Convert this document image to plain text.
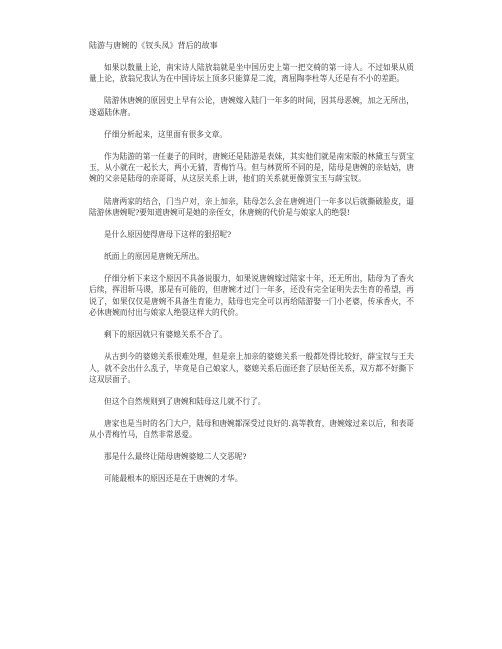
陆游与唐婉的《钗头凤》背后的故事

如果以数量上论，南宋诗人陆放翁就是坐中国历史上第一把交椅的第一诗人。不过如果从质量上论，放翁兄我认为在中国诗坛上顶多只能算是二流，离屈陶李杜等人还是有不小的差距。

陆游休唐婉的原因史上早有公论，唐婉嫁入陆门一年多的时间，因其母恶婉，加之无所出，遂逼陆休唐。

仔细分析起来，这里面有很多文章。

作为陆游的第一任妻子的同时，唐婉还是陆游是表妹，其实他们就是南宋版的林黛玉与贾宝玉，从小就在一起长大，两小无猜，青梅竹马。但与林贾所不同的是，陆母是唐婉的亲姑姑，唐婉的父亲是陆母的亲哥哥，从这层关系上讲，他们的关系就更像贾宝玉与薛宝钗。

陆唐两家的结合，门当户对，亲上加亲，陆母怎么会在唐婉进门一年多以后就撕破脸皮，逼陆游休唐婉呢?要知道唐婉可是她的亲侄女，休唐婉的代价是与娘家人的绝裂!

是什么原因使得唐母下这样的狠招呢?

纸面上的原因是唐婉无所出。

仔细分析下来这个原因不具备说服力，如果说唐婉嫁过陆家十年，还无所出，陆母为了香火后续，挥泪斩马谡，那是有可能的，但唐婉才过门一年多，还没有完全证明失去生育的希望，再说了，如果仅仅是唐婉不具备生育能力，陆母也完全可以再给陆游娶一门小老婆，传承香火，不必休唐婉而付出与娘家人绝裂这样大的代价。

剩下的原因就只有婆媳关系不合了。

从古到今的婆媳关系很难处理，但是亲上加亲的婆媳关系一般都处得比较好，薛宝钗与王夫人，就不会出什么乱子，毕竟是自己娘家人，婆媳关系后面还套了层姑侄关系，双方都不好撕下这双层面子。

但这个自然规则到了唐婉和陆母这儿就不行了。

唐家也是当时的名门大户，陆母和唐婉都深受过良好的.高等教育，唐婉嫁过来以后，和表哥从小青梅竹马，自然非常恩爱。

那是什么最终让陆母唐婉婆媳二人交恶呢?

可能最根本的原因还是在于唐婉的才华。
